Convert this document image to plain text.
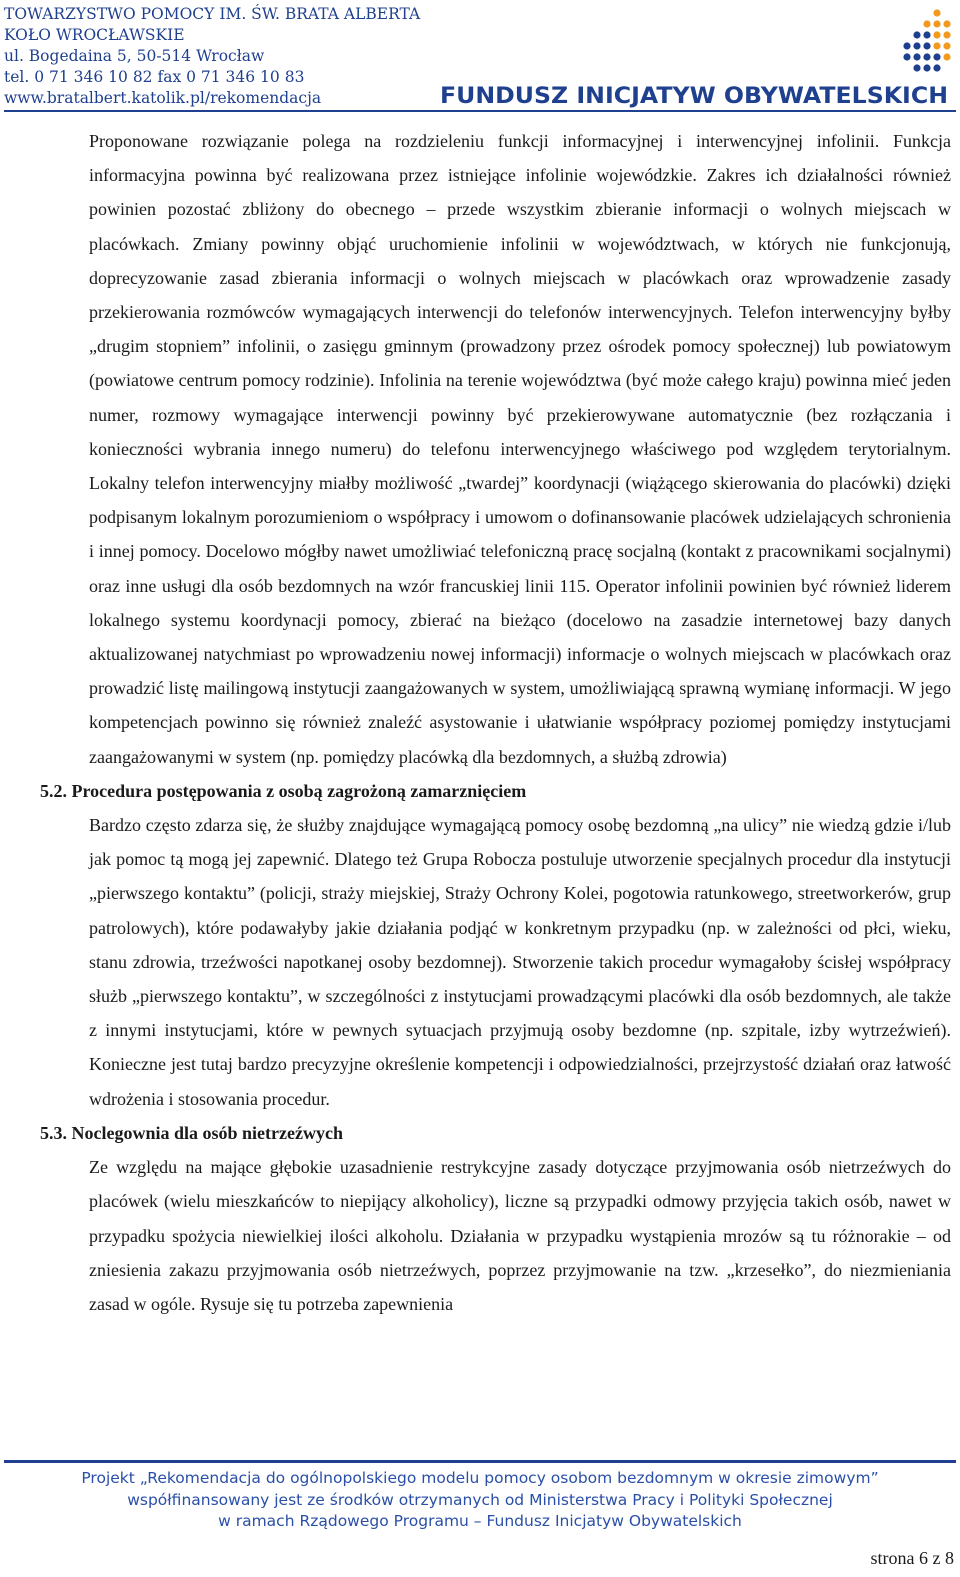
TOWARZYSTWO POMOCY IM. ŚW. BRATA ALBERTA
KOŁO WROCŁAWSKIE
ul. Bogedaina 5, 50-514 Wrocław
tel. 0 71 346 10 82 fax 0 71 346 10 83
www.bratalbert.katolik.pl/rekomendacja	FUNDUSZ INICJATYW OBYWATELSKICH

Proponowane rozwiązanie polega na rozdzieleniu funkcji informacyjnej i interwencyjnej infolinii. Funkcja informacyjna powinna być realizowana przez istniejące infolinie wojewódzkie. Zakres ich działalności również powinien pozostać zbliżony do obecnego – przede wszystkim zbieranie informacji o wolnych miejscach w placówkach. Zmiany powinny objąć uruchomienie infolinii w województwach, w których nie funkcjonują, doprecyzowanie zasad zbierania informacji o wolnych miejscach w placówkach oraz wprowadzenie zasady przekierowania rozmówców wymagających interwencji do telefonów interwencyjnych. Telefon interwencyjny byłby „drugim stopniem” infolinii, o zasięgu gminnym (prowadzony przez ośrodek pomocy społecznej) lub powiatowym (powiatowe centrum pomocy rodzinie). Infolinia na terenie województwa (być może całego kraju) powinna mieć jeden numer, rozmowy wymagające interwencji powinny być przekierowywane automatycznie (bez rozłączania i konieczności wybrania innego numeru) do telefonu interwencyjnego właściwego pod względem terytorialnym. Lokalny telefon interwencyjny miałby możliwość „twardej” koordynacji (wiążącego skierowania do placówki) dzięki podpisanym lokalnym porozumieniom o współpracy i umowom o dofinansowanie placówek udzielających schronienia i innej pomocy. Docelowo mógłby nawet umożliwiać telefoniczną pracę socjalną (kontakt z pracownikami socjalnymi) oraz inne usługi dla osób bezdomnych na wzór francuskiej linii 115. Operator infolinii powinien być również liderem lokalnego systemu koordynacji pomocy, zbierać na bieżąco (docelowo na zasadzie internetowej bazy danych aktualizowanej natychmiast po wprowadzeniu nowej informacji) informacje o wolnych miejscach w placówkach oraz prowadzić listę mailingową instytucji zaangażowanych w system, umożliwiającą sprawną wymianę informacji. W jego kompetencjach powinno się również znaleźć asystowanie i ułatwianie współpracy poziomej pomiędzy instytucjami zaangażowanymi w system (np. pomiędzy placówką dla bezdomnych, a służbą zdrowia)

5.2. Procedura postępowania z osobą zagrożoną zamarznięciem

Bardzo często zdarza się, że służby znajdujące wymagającą pomocy osobę bezdomną „na ulicy” nie wiedzą gdzie i/lub jak pomoc tą mogą jej zapewnić. Dlatego też Grupa Robocza postuluje utworzenie specjalnych procedur dla instytucji „pierwszego kontaktu” (policji, straży miejskiej, Straży Ochrony Kolei, pogotowia ratunkowego, streetworkerów, grup patrolowych), które podawałyby jakie działania podjąć w konkretnym przypadku (np. w zależności od płci, wieku, stanu zdrowia, trzeźwości napotkanej osoby bezdomnej). Stworzenie takich procedur wymagałoby ścisłej współpracy służb „pierwszego kontaktu”, w szczególności z instytucjami prowadzącymi placówki dla osób bezdomnych, ale także z innymi instytucjami, które w pewnych sytuacjach przyjmują osoby bezdomne (np. szpitale, izby wytrzeźwień). Konieczne jest tutaj bardzo precyzyjne określenie kompetencji i odpowiedzialności, przejrzystość działań oraz łatwość wdrożenia i stosowania procedur.

5.3. Noclegownia dla osób nietrzeźwych

Ze względu na mające głębokie uzasadnienie restrykcyjne zasady dotyczące przyjmowania osób nietrzeźwych do placówek (wielu mieszkańców to niepijący alkoholicy), liczne są przypadki odmowy przyjęcia takich osób, nawet w przypadku spożycia niewielkiej ilości alkoholu. Działania w przypadku wystąpienia mrozów są tu różnorakie – od zniesienia zakazu przyjmowania osób nietrzeźwych, poprzez przyjmowanie na tzw. „krzesełko”, do niezmieniania zasad w ogóle. Rysuje się tu potrzeba zapewnienia

Projekt „Rekomendacja do ogólnopolskiego modelu pomocy osobom bezdomnym w okresie zimowym”
współfinansowany jest ze środków otrzymanych od Ministerstwa Pracy i Polityki Społecznej
w ramach Rządowego Programu – Fundusz Inicjatyw Obywatelskich
strona 6 z 8
